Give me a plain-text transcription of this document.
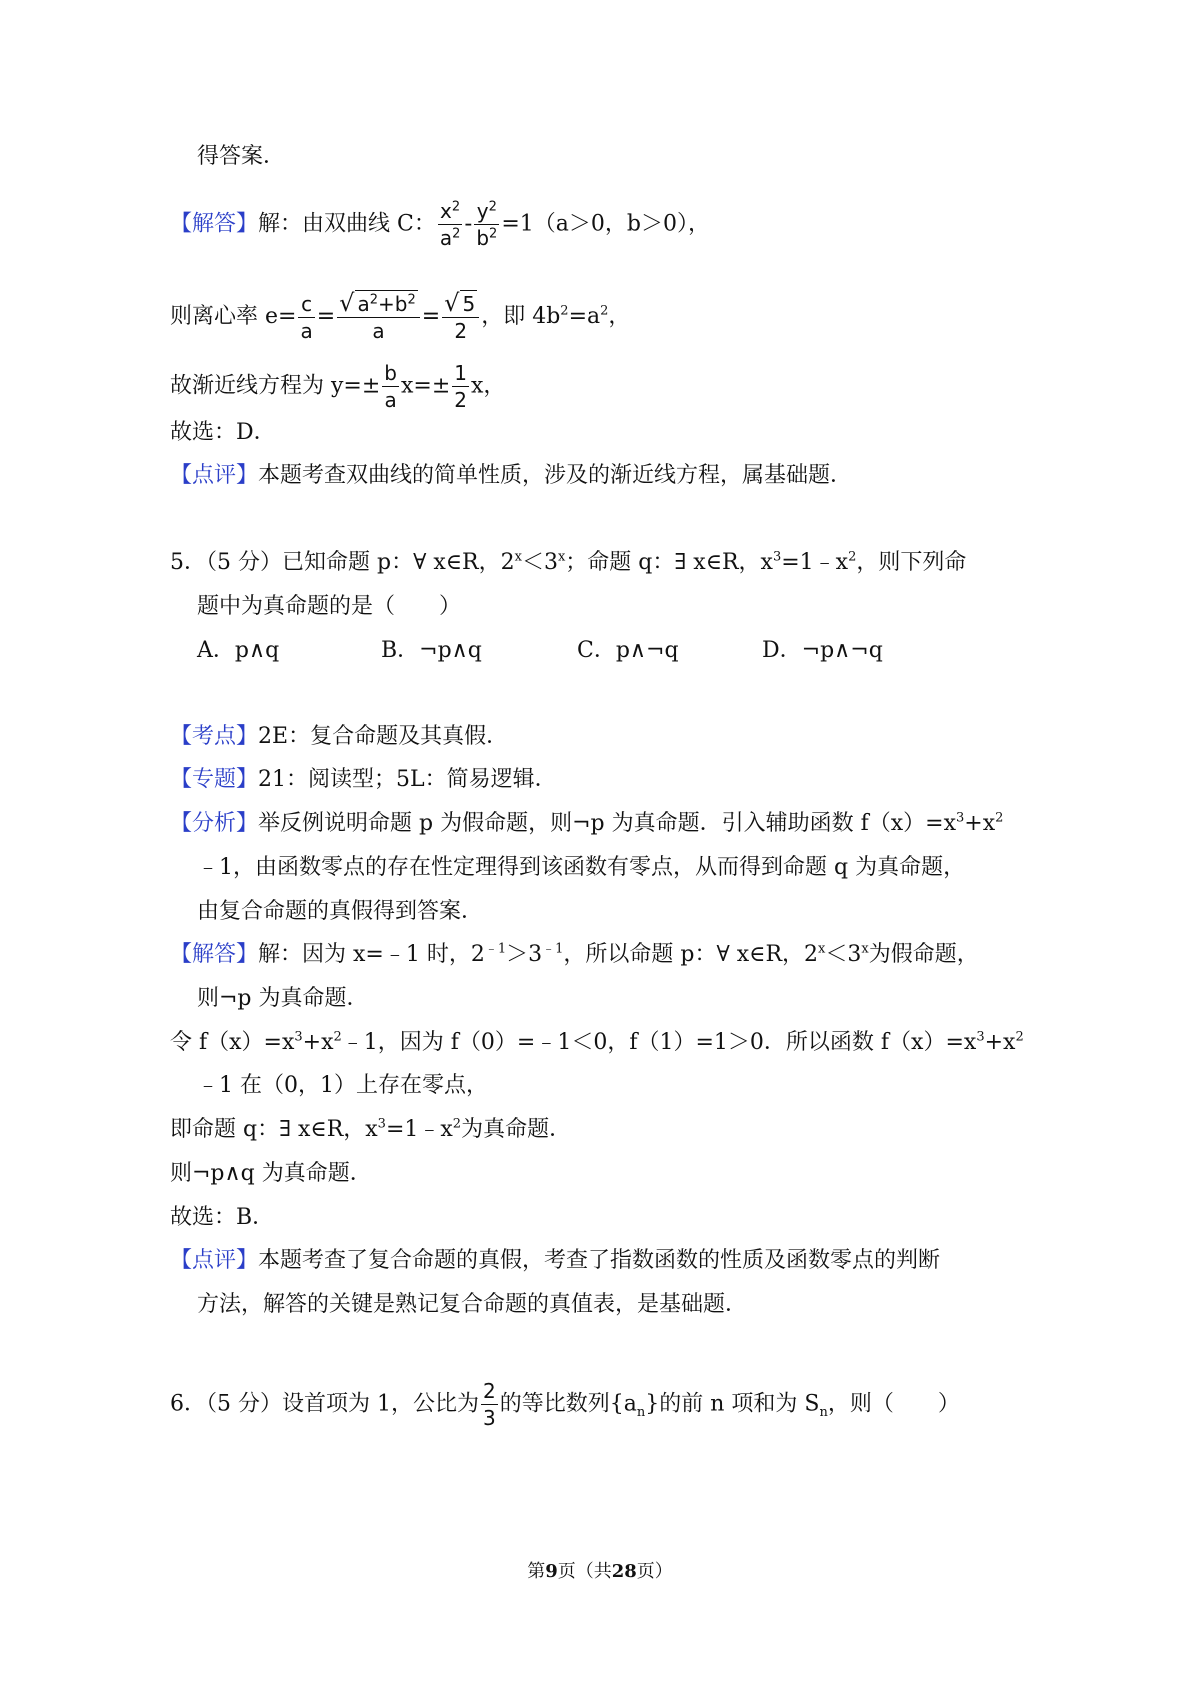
得答案．
【解答】解：由双曲线 C： $\frac{x^2}{a^2} - \frac{y^2}{b^2} =1(a>0$，b＞0），
则离心率 $e= \frac{c}{a} = \frac{√ a^2+b^2}{a} = \frac{√ 5}{2}$ ，即 $4b^2=a^2$，
故渐近线方程为 $y=\pm \frac{b}{a} x=\pm \frac{1}{2}$ x，
故选：D．
【点评】本题考查双曲线的简单性质，涉及的渐近线方程，属基础题．
5．（5 分）已知命题 p：∀ x∈R，$2^x<3^x$；命题 q：∃ x∈R，$x^3=1﹣x^2$，则下列命
题中为真命题的是（　　）
A．p∧q	B．¬p∧q	C．p∧¬q	D．¬p∧¬q
【考点】2E：复合命题及其真假．
【专题】21：阅读型；5L：简易逻辑．
【分析】举反例说明命题 p 为假命题，则¬p 为真命题．引入辅助函数 $f(x)=x^3+x^2$
﹣1，由函数零点的存在性定理得到该函数有零点，从而得到命题 q 为真命题，
由复合命题的真假得到答案．
【解答】解：因为 x=﹣1 时，$2^{﹣1}>3^{﹣1}$，所以命题 p：∀ x∈R，$2^x<3^x$为假命题，
则¬p 为真命题．
令 $f(x)=x^3+x^2﹣1$，因为 f（0）=﹣1＜0，f（1）=1＞0．所以函数 $f(x)=x^3+x^2$
﹣1 在（0，1）上存在零点，
即命题 q：∃ x∈R，$x^3=1﹣x^2$为真命题．
则¬p∧q 为真命题．
故选：B．
【点评】本题考查了复合命题的真假，考查了指数函数的性质及函数零点的判断
方法，解答的关键是熟记复合命题的真值表，是基础题．
6．（5 分）设首项为 1，公比为 $\frac{2}{3}$ 的等比数列$\{a_n\}$的前 n 项和为 $S_n$，则（　　）
第9页（共28页）
